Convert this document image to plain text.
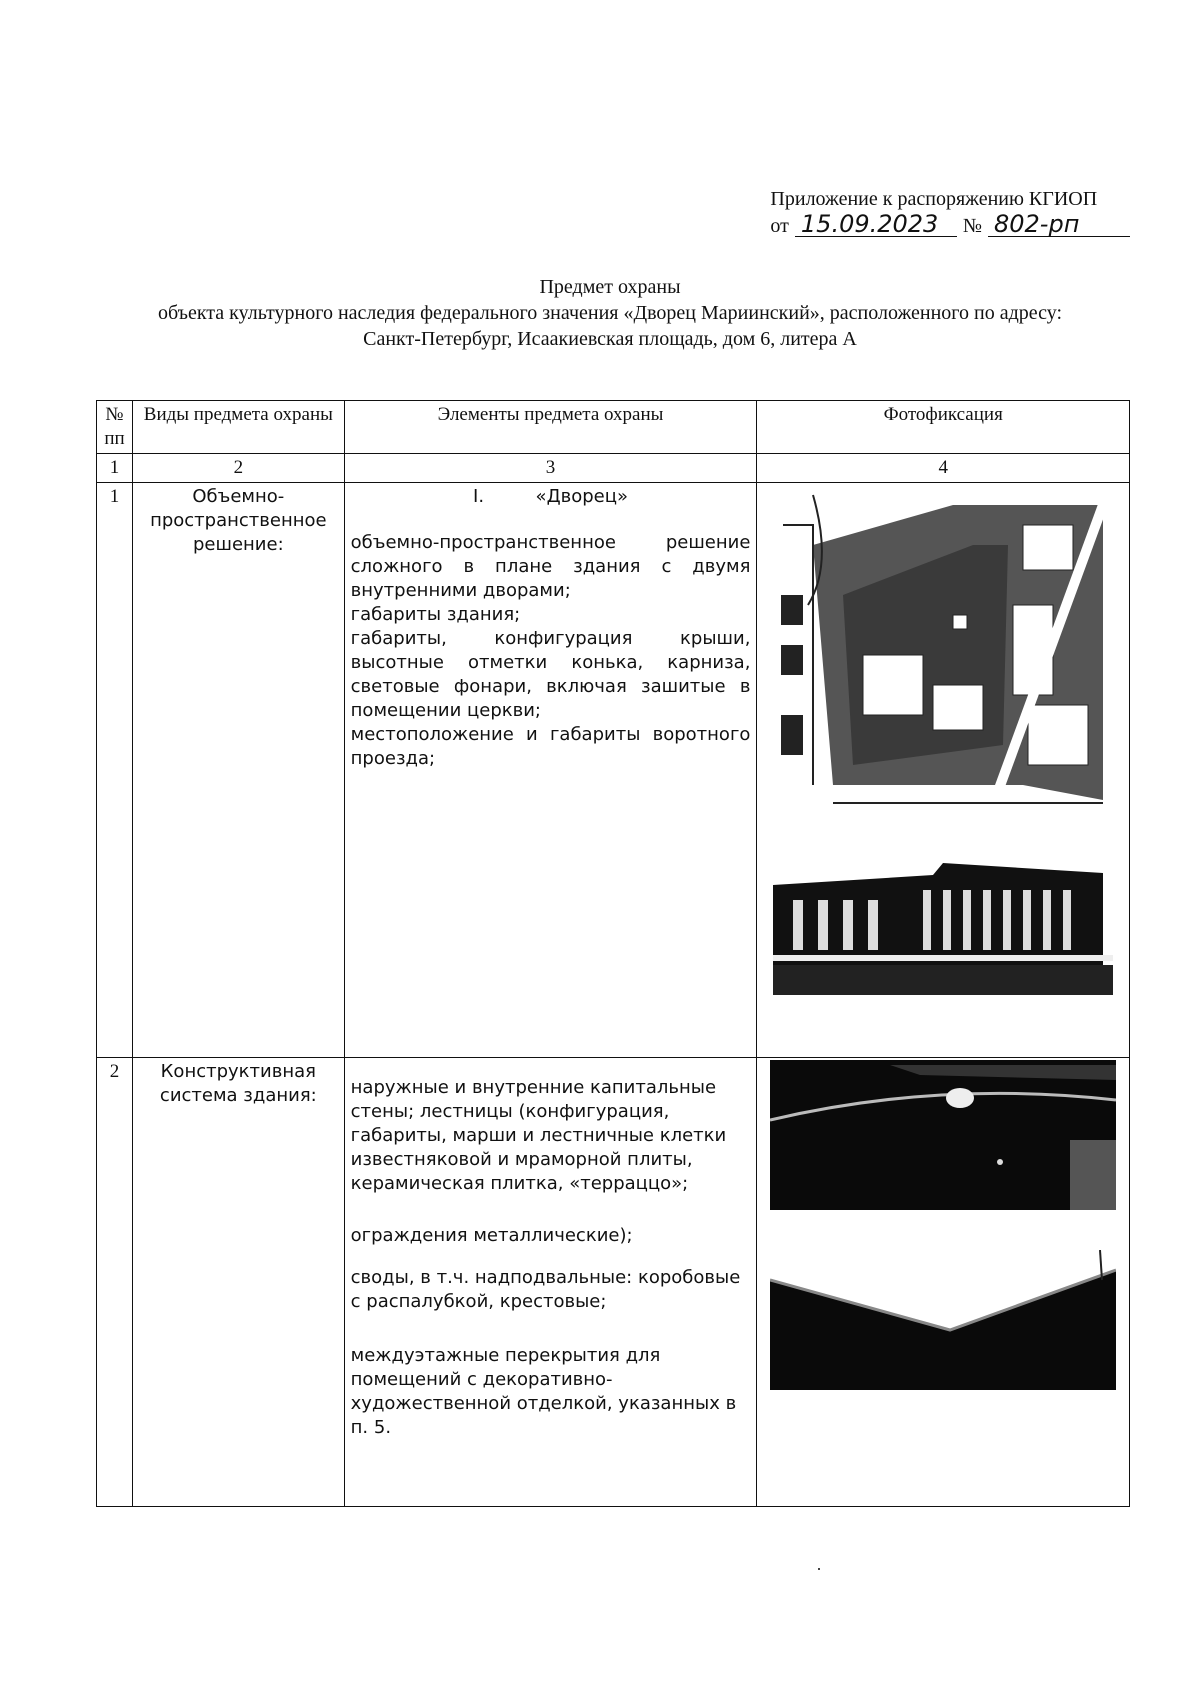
Приложение к распоряжению КГИОП
от 15.09.2023	№ 802-рп
Предмет охраны
объекта культурного наследия федерального значения «Дворец Мариинский», расположенного по адресу:
Санкт-Петербург, Исаакиевская площадь, дом 6, литера А
№ пп	Виды предмета охраны	Элементы предмета охраны	Фотофиксация
1	2	3	4
1	Объемно-пространственное решение:	I.         «Дворец»

объемно-пространственное решение сложного в плане здания с двумя внутренними дворами;

габариты здания;

габариты, конфигурация крыши, высотные отметки конька, карниза, световые фонари, включая зашитые в помещении церкви;

местоположение и габариты воротного проезда;

2	Конструктивная система здания:	наружные и внутренние капитальные стены; лестницы (конфигурация, габариты, марши и лестничные клетки известняковой и мраморной плиты, керамическая плитка, «терраццо»;

ограждения металлические);

своды, в т.ч. надподвальные: коробовые с распалубкой, крестовые;

междуэтажные перекрытия для помещений с декоративно-художественной отделкой, указанных в п. 5.
